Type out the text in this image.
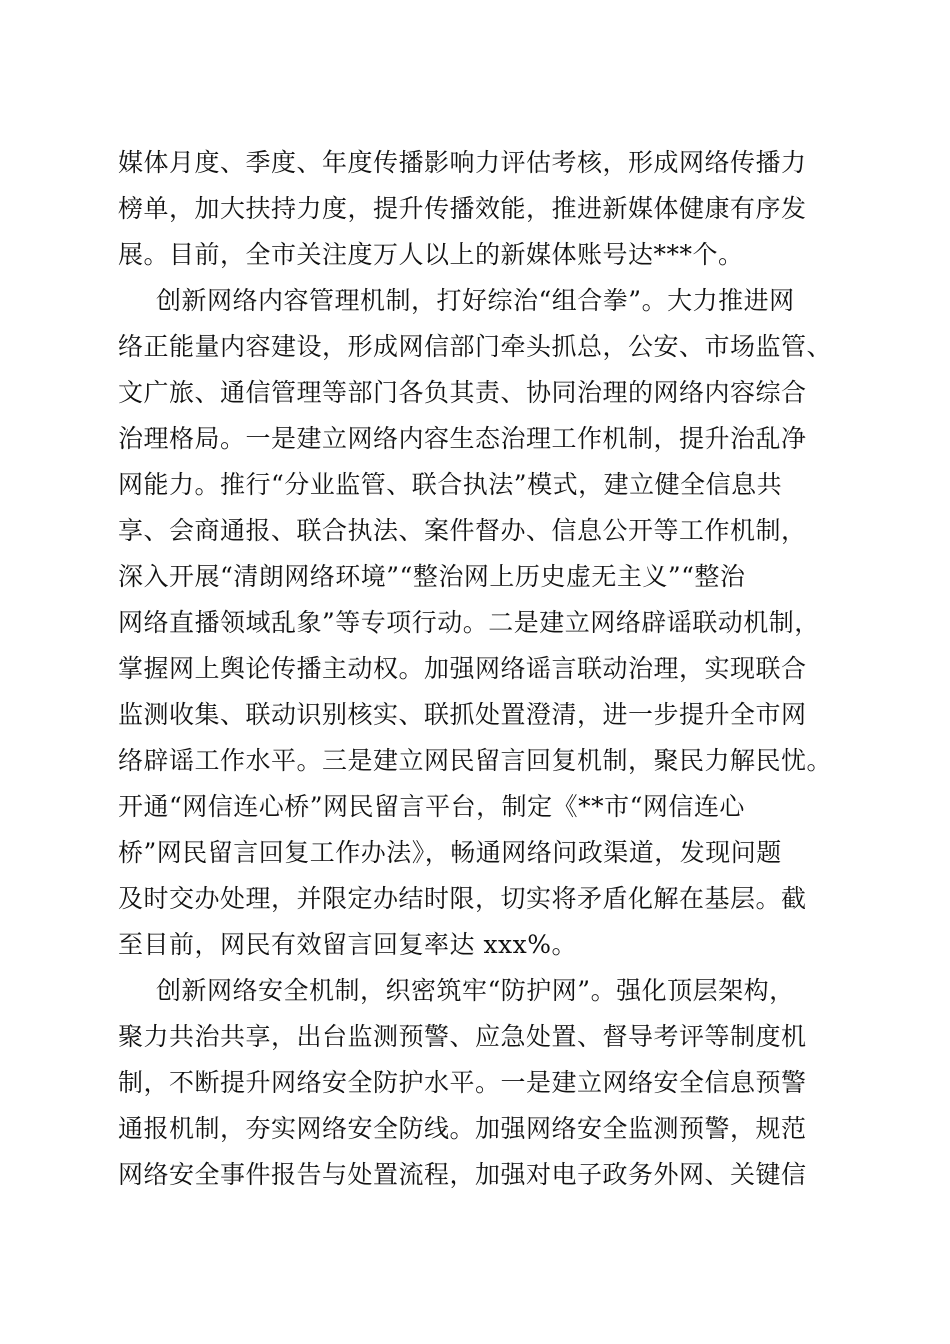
媒体月度、季度、年度传播影响力评估考核，形成网络传播力
榜单，加大扶持力度，提升传播效能，推进新媒体健康有序发
展。目前，全市关注度万人以上的新媒体账号达***个。
创新网络内容管理机制，打好综治“组合拳”。大力推进网
络正能量内容建设，形成网信部门牵头抓总，公安、市场监管、
文广旅、通信管理等部门各负其责、协同治理的网络内容综合
治理格局。一是建立网络内容生态治理工作机制，提升治乱净
网能力。推行“分业监管、联合执法”模式，建立健全信息共
享、会商通报、联合执法、案件督办、信息公开等工作机制，
深入开展“清朗网络环境”“整治网上历史虚无主义”“整治
网络直播领域乱象”等专项行动。二是建立网络辟谣联动机制，
掌握网上舆论传播主动权。加强网络谣言联动治理，实现联合
监测收集、联动识别核实、联抓处置澄清，进一步提升全市网
络辟谣工作水平。三是建立网民留言回复机制，聚民力解民忧。
开通“网信连心桥”网民留言平台，制定《**市“网信连心
桥”网民留言回复工作办法》，畅通网络问政渠道，发现问题
及时交办处理，并限定办结时限，切实将矛盾化解在基层。截
至目前，网民有效留言回复率达 xxx%。
创新网络安全机制，织密筑牢“防护网”。强化顶层架构，
聚力共治共享，出台监测预警、应急处置、督导考评等制度机
制，不断提升网络安全防护水平。一是建立网络安全信息预警
通报机制，夯实网络安全防线。加强网络安全监测预警，规范
网络安全事件报告与处置流程，加强对电子政务外网、关键信
